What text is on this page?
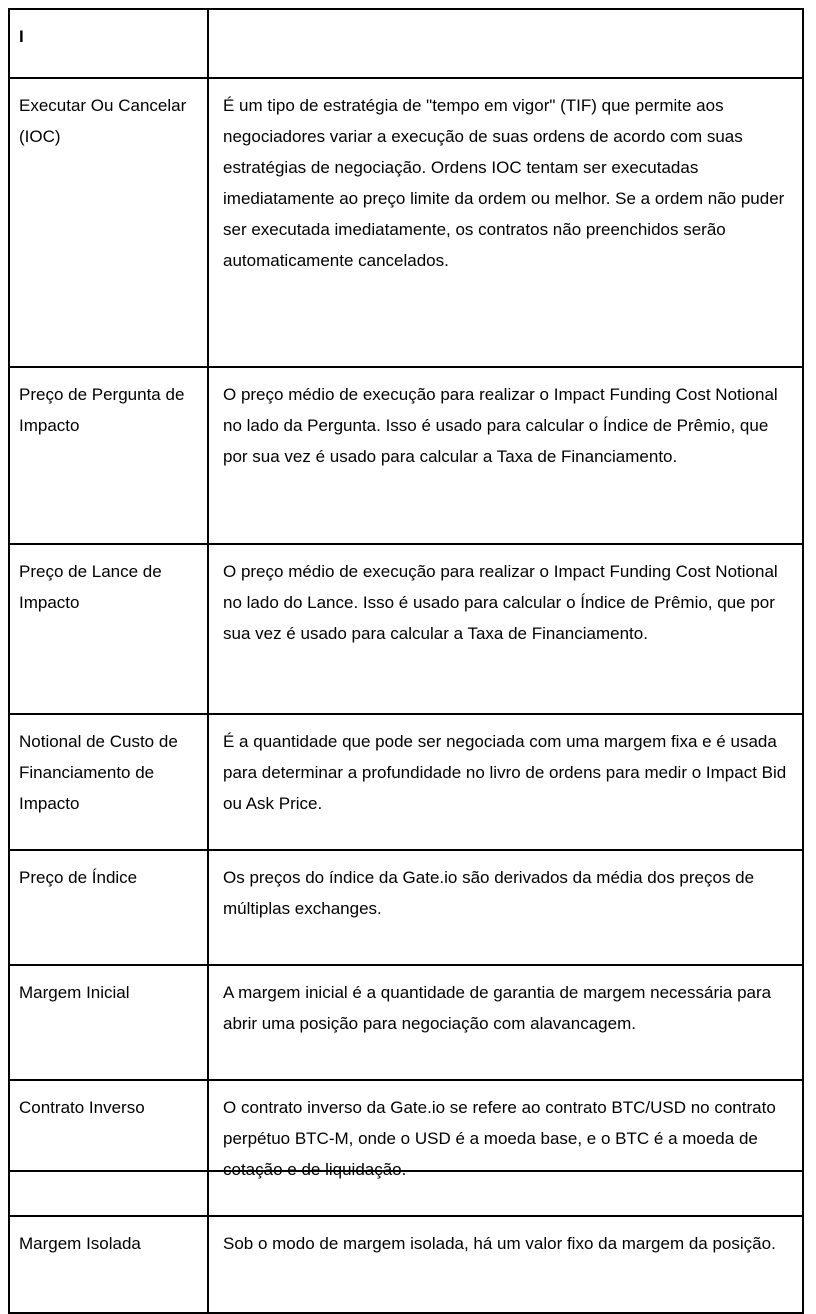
I	
Executar Ou Cancelar (IOC)	É um tipo de estratégia de "tempo em vigor" (TIF) que permite aos negociadores variar a execução de suas ordens de acordo com suas estratégias de negociação. Ordens IOC tentam ser executadas imediatamente ao preço limite da ordem ou melhor. Se a ordem não puder ser executada imediatamente, os contratos não preenchidos serão automaticamente cancelados.
Preço de Pergunta de Impacto	O preço médio de execução para realizar o Impact Funding Cost Notional no lado da Pergunta. Isso é usado para calcular o Índice de Prêmio, que por sua vez é usado para calcular a Taxa de Financiamento.
Preço de Lance de Impacto	O preço médio de execução para realizar o Impact Funding Cost Notional no lado do Lance. Isso é usado para calcular o Índice de Prêmio, que por sua vez é usado para calcular a Taxa de Financiamento.
Notional de Custo de Financiamento de Impacto	É a quantidade que pode ser negociada com uma margem fixa e é usada para determinar a profundidade no livro de ordens para medir o Impact Bid ou Ask Price.
Preço de Índice	Os preços do índice da Gate.io são derivados da média dos preços de múltiplas exchanges.
Margem Inicial	A margem inicial é a quantidade de garantia de margem necessária para abrir uma posição para negociação com alavancagem.
Contrato Inverso	O contrato inverso da Gate.io se refere ao contrato BTC/USD no contrato perpétuo BTC-M, onde o USD é a moeda base, e o BTC é a moeda de cotação e de liquidação.
Margem Isolada	Sob o modo de margem isolada, há um valor fixo da margem da posição.
